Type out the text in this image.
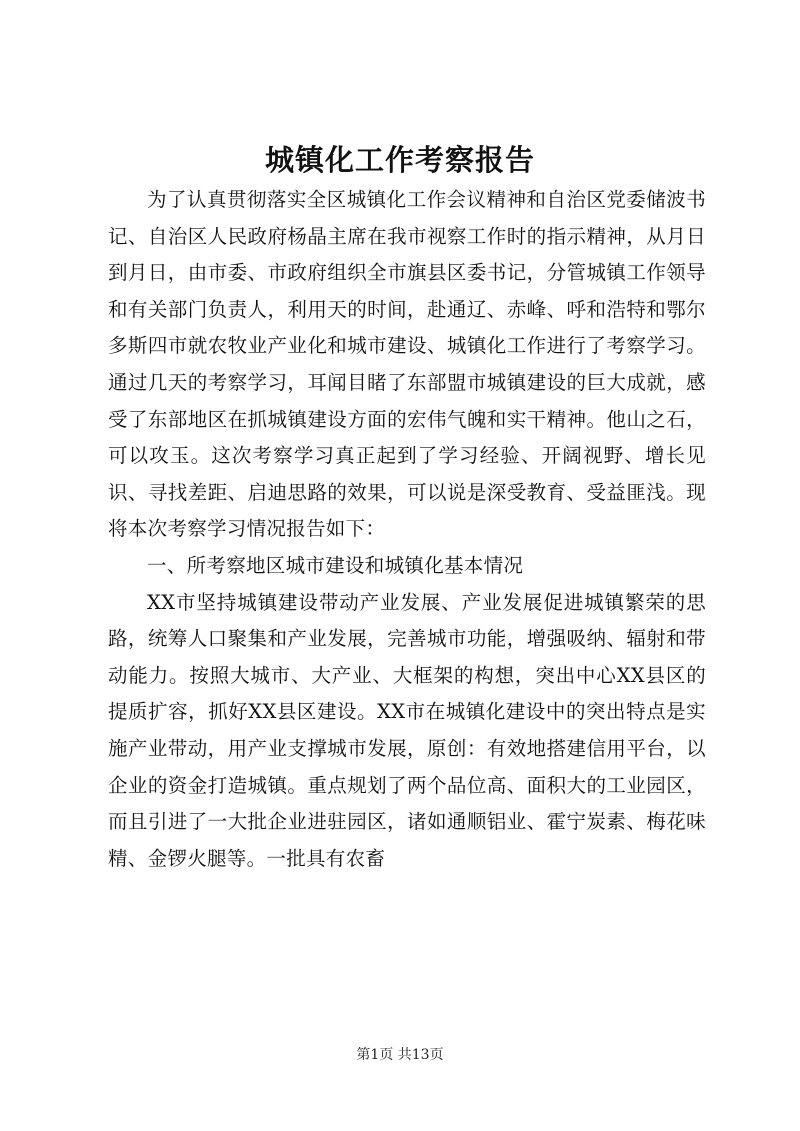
城镇化工作考察报告

为了认真贯彻落实全区城镇化工作会议精神和自治区党委储波书记、自治区人民政府杨晶主席在我市视察工作时的指示精神，从月日到月日，由市委、市政府组织全市旗县区委书记，分管城镇工作领导和有关部门负责人，利用天的时间，赴通辽、赤峰、呼和浩特和鄂尔多斯四市就农牧业产业化和城市建设、城镇化工作进行了考察学习。通过几天的考察学习，耳闻目睹了东部盟市城镇建设的巨大成就，感受了东部地区在抓城镇建设方面的宏伟气魄和实干精神。他山之石，可以攻玉。这次考察学习真正起到了学习经验、开阔视野、增长见识、寻找差距、启迪思路的效果，可以说是深受教育、受益匪浅。现将本次考察学习情况报告如下：

一、所考察地区城市建设和城镇化基本情况

XX市坚持城镇建设带动产业发展、产业发展促进城镇繁荣的思路，统筹人口聚集和产业发展，完善城市功能，增强吸纳、辐射和带动能力。按照大城市、大产业、大框架的构想，突出中心XX县区的提质扩容，抓好XX县区建设。XX市在城镇化建设中的突出特点是实施产业带动，用产业支撑城市发展，原创：有效地搭建信用平台，以企业的资金打造城镇。重点规划了两个品位高、面积大的工业园区，而且引进了一大批企业进驻园区，诸如通顺铝业、霍宁炭素、梅花味精、金锣火腿等。一批具有农畜

第1页 共13页
